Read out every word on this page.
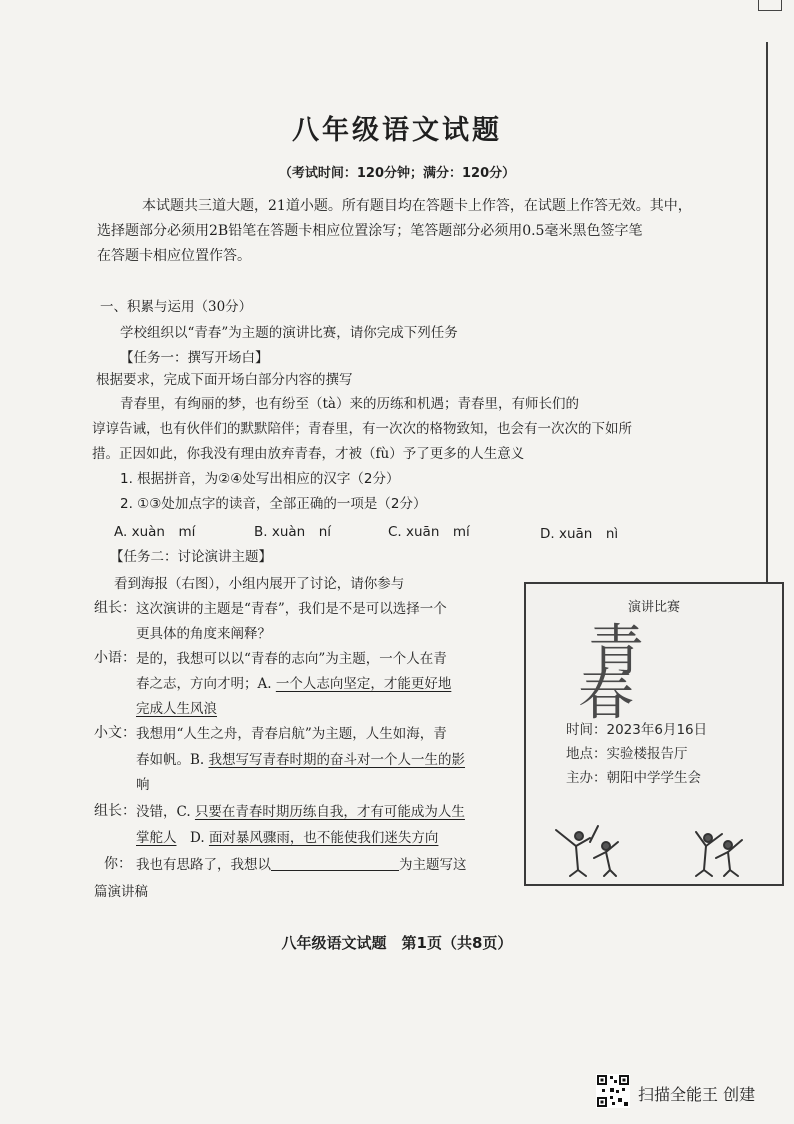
八年级语文试题
（考试时间：120分钟；满分：120分）
本试题共三道大题，21道小题。所有题目均在答题卡上作答，在试题上作答无效。其中，
选择题部分必须用2B铅笔在答题卡相应位置涂写；笔答题部分必须用0.5毫米黑色签字笔
在答题卡相应位置作答。
一、积累与运用（30分）
学校组织以“青春”为主题的演讲比赛，请你完成下列任务
【任务一：撰写开场白】
根据要求，完成下面开场白部分内容的撰写
青春里，有绚丽的梦，也有纷至（tà）来的历练和机遇；青春里，有师长们的
谆谆告诫，也有伙伴们的默默陪伴；青春里，有一次次的格物致知，也会有一次次的下如所
措。正因如此，你我没有理由放弃青春，才被（fù）予了更多的人生意义
1. 根据拼音，为②④处写出相应的汉字（2分）
2. ①③处加点字的读音，全部正确的一项是（2分）
A. xuàn　mí	B. xuàn　ní	C. xuān　mí	D. xuān　nì
【任务二：讨论演讲主题】
看到海报（右图），小组内展开了讨论，请你参与
组长： 这次演讲的主题是“青春”，我们是不是可以选择一个
更具体的角度来阐释？
小语： 是的，我想可以以“青春的志向”为主题，一个人在青
春之志，方向才明；A. 一个人志向坚定，才能更好地
完成人生风浪
小文： 我想用“人生之舟，青春启航”为主题，人生如海，青
春如帆。B. 我想写写青春时期的奋斗对一个人一生的影
响
组长： 没错，C. 只要在青春时期历练自我，才有可能成为人生
掌舵人　 D. 面对暴风骤雨，也不能使我们迷失方向
你： 我也有思路了，我想以	为主题写这
篇演讲稿
演讲比赛
青
春
时间：2023年6月16日
地点：实验楼报告厅
主办：朝阳中学学生会
八年级语文试题　第1页（共8页）
扫描全能王 创建
